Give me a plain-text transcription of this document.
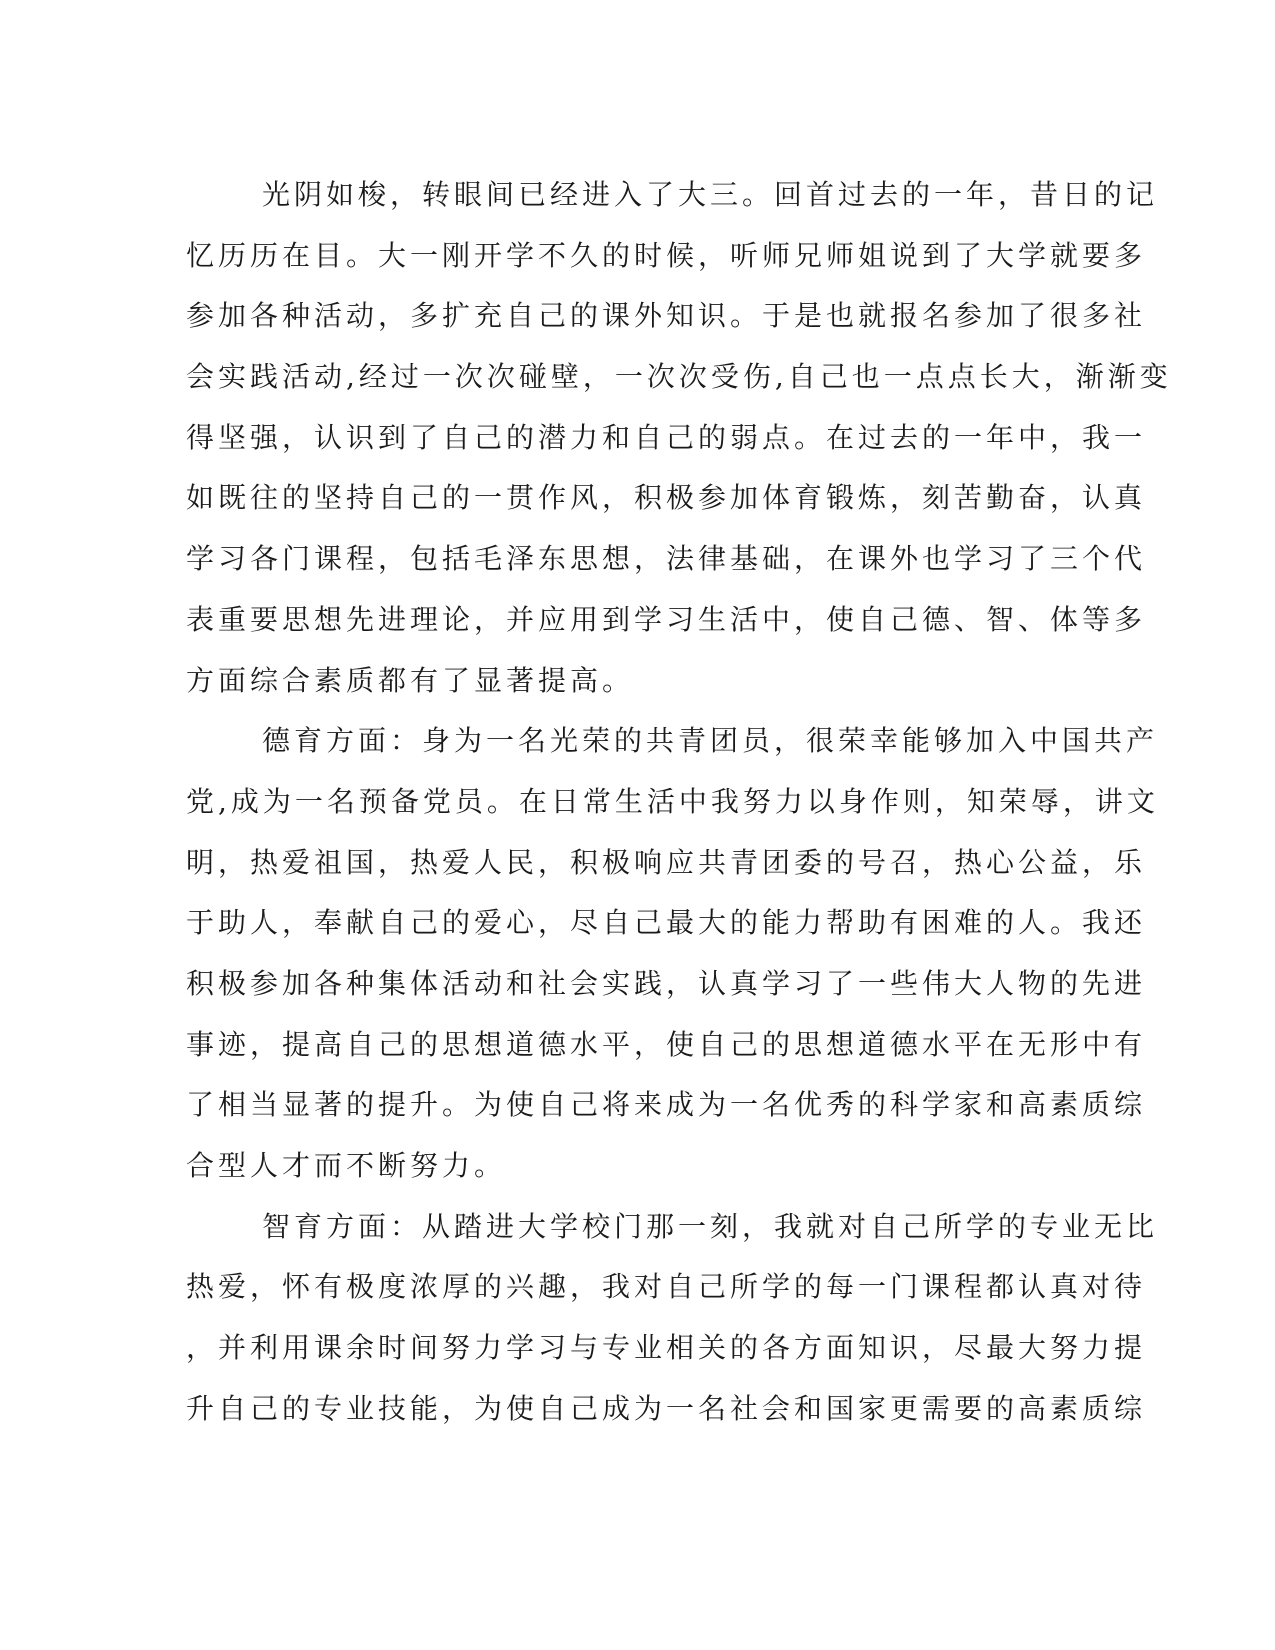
光阴如梭，转眼间已经进入了大三。回首过去的一年，昔日的记
忆历历在目。大一刚开学不久的时候，听师兄师姐说到了大学就要多
参加各种活动，多扩充自己的课外知识。于是也就报名参加了很多社
会实践活动,经过一次次碰壁，一次次受伤,自己也一点点长大，渐渐变
得坚强，认识到了自己的潜力和自己的弱点。在过去的一年中，我一
如既往的坚持自己的一贯作风，积极参加体育锻炼，刻苦勤奋，认真
学习各门课程，包括毛泽东思想，法律基础，在课外也学习了三个代
表重要思想先进理论，并应用到学习生活中，使自己德、智、体等多
方面综合素质都有了显著提高。
德育方面：身为一名光荣的共青团员，很荣幸能够加入中国共产
党,成为一名预备党员。在日常生活中我努力以身作则，知荣辱，讲文
明，热爱祖国，热爱人民，积极响应共青团委的号召，热心公益，乐
于助人，奉献自己的爱心，尽自己最大的能力帮助有困难的人。我还
积极参加各种集体活动和社会实践，认真学习了一些伟大人物的先进
事迹，提高自己的思想道德水平，使自己的思想道德水平在无形中有
了相当显著的提升。为使自己将来成为一名优秀的科学家和高素质综
合型人才而不断努力。
智育方面：从踏进大学校门那一刻，我就对自己所学的专业无比
热爱，怀有极度浓厚的兴趣，我对自己所学的每一门课程都认真对待
，并利用课余时间努力学习与专业相关的各方面知识，尽最大努力提
升自己的专业技能，为使自己成为一名社会和国家更需要的高素质综
